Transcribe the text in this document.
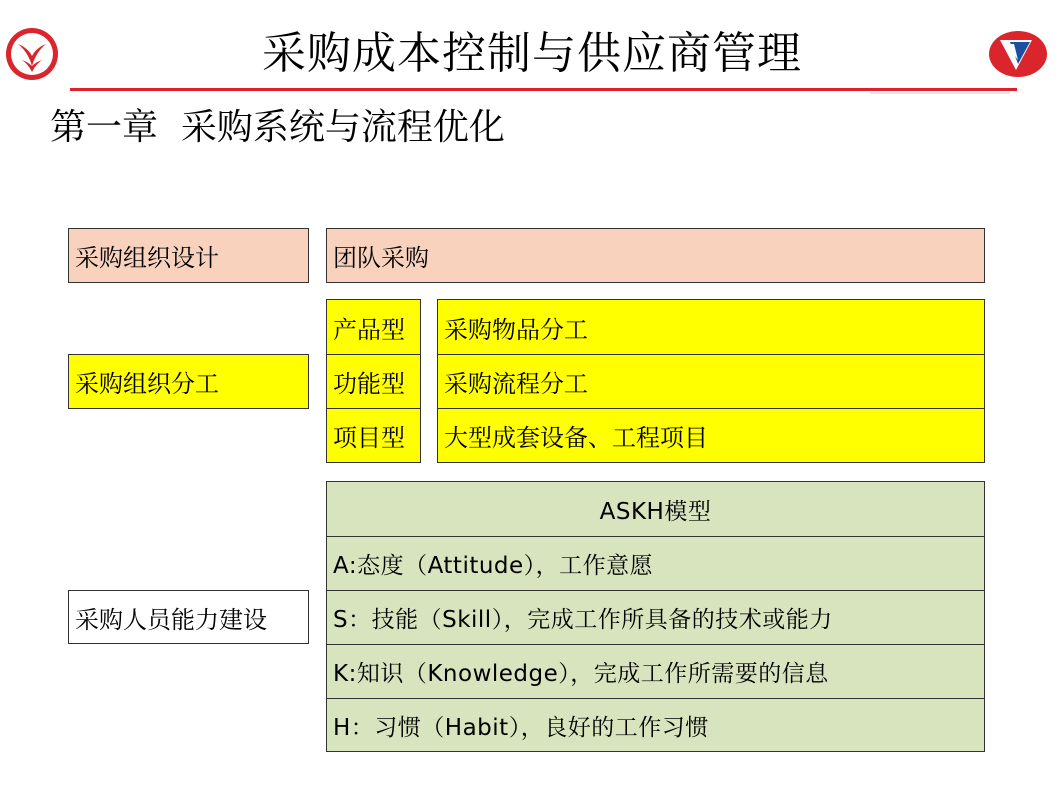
采购成本控制与供应商管理
第一章  采购系统与流程优化
采购组织设计	团队采购
采购组织分工
产品型
功能型
项目型
采购物品分工
采购流程分工
大型成套设备、工程项目
采购人员能力建设
ASKH模型
A:态度（Attitude），工作意愿
S：技能（Skill），完成工作所具备的技术或能力
K:知识（Knowledge），完成工作所需要的信息
H：习惯（Habit），良好的工作习惯
